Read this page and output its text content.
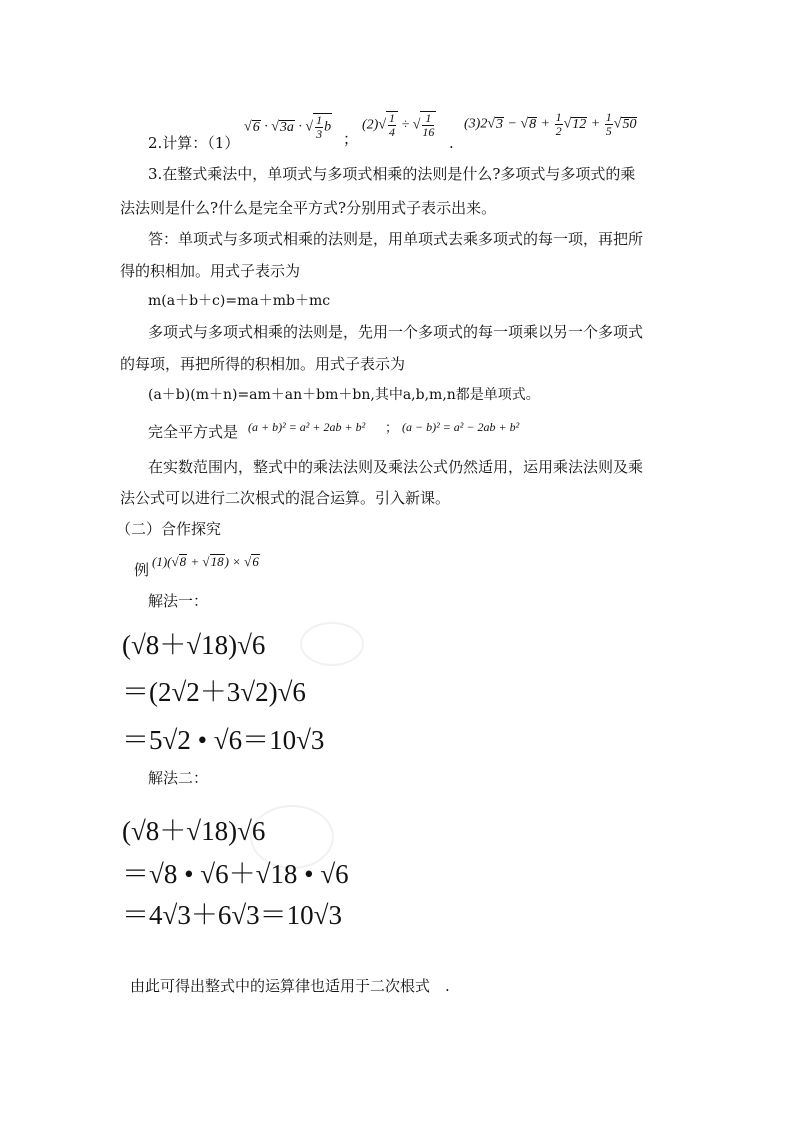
2.计算：（1）
√6 · √3a · √ $\frac{1}{3}$ b
；
$(2)√ \frac{1}{4}$ ÷ √ $\frac{1}{16}$
.
$(3)2√3 - √8 + \frac{1}{2} √12 + \frac{1}{5} √50$
3.在整式乘法中，单项式与多项式相乘的法则是什么?多项式与多项式的乘
法法则是什么?什么是完全平方式?分别用式子表示出来。
答：单项式与多项式相乘的法则是，用单项式去乘多项式的每一项，再把所
得的积相加。用式子表示为
m(a＋b＋c)=ma＋mb＋mc
多项式与多项式相乘的法则是，先用一个多项式的每一项乘以另一个多项式
的每项，再把所得的积相加。用式子表示为
(a＋b)(m＋n)=am＋an＋bm＋bn,其中a,b,m,n都是单项式。
完全平方式是 (a + b)² = a² + 2ab + b² ； (a − b)² = a² − 2ab + b²
在实数范围内，整式中的乘法法则及乘法公式仍然适用，运用乘法法则及乘
法公式可以进行二次根式的混合运算。引入新课。
（二）合作探究
例 (1)(√8 + √18) × √6
解法一：
(√8＋√18)√6
＝(2√2＋3√2)√6
＝5√2 • √6＝10√3
解法二：
(√8＋√18)√6
＝√8 • √6＋√18 • √6
＝4√3＋6√3＝10√3
由此可得出整式中的运算律也适用于二次根式　.
